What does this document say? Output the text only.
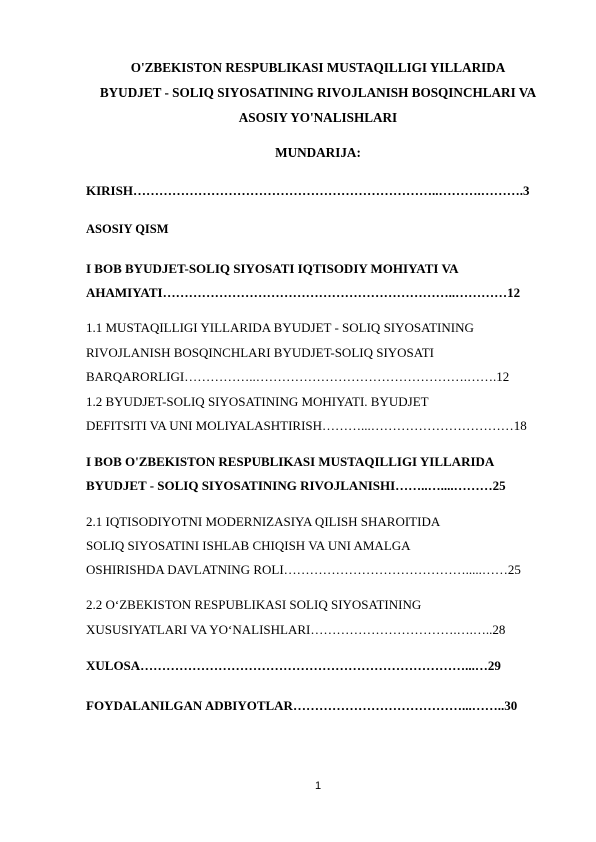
O'ZBEKISTON RESPUBLIKASI MUSTAQILLIGI YILLARIDA
BYUDJET - SOLIQ SIYOSATINING RIVOJLANISH BOSQINCHLARI VA
ASOSIY YO'NALISHLARI
MUNDARIJA:
KIRISH……………………………………………………………..……….……….3
ASOSIY QISM
I BOB BYUDJET-SOLIQ SIYOSATI IQTISODIY MOHIYATI VA
AHAMIYATI…………………………………………………………..…………12
1.1 MUSTAQILLIGI YILLARIDA BYUDJET - SOLIQ SIYOSATINING
RIVOJLANISH BOSQINCHLARI BYUDJET-SOLIQ SIYOSATI
BARQARORLIGI……………..………………………………………….…….12
1.2 BYUDJET-SOLIQ SIYOSATINING MOHIYATI. BYUDJET
DEFITSITI VA UNI MOLIYALASHTIRISH………...……………………………18
I BOB O'ZBEKISTON RESPUBLIKASI MUSTAQILLIGI YILLARIDA
BYUDJET - SOLIQ SIYOSATINING RIVOJLANISHI……..…....………25
2.1 IQTISODIYOTNI MODERNIZASIYA QILISH SHAROITIDA
SOLIQ SIYOSATINI ISHLAB CHIQISH VA UNI AMALGA
OSHIRISHDA DAVLATNING ROLI…………………………………….....……25
2.2 O‘ZBEKISTON RESPUBLIKASI SOLIQ SIYOSATINING
XUSUSIYATLARI VA YO‘NALISHLARI…………………………….….…..28
XULOSA…………………………………………………………………...…29
FOYDALANILGAN ADBIYOTLAR…………………………………...……..30
1
